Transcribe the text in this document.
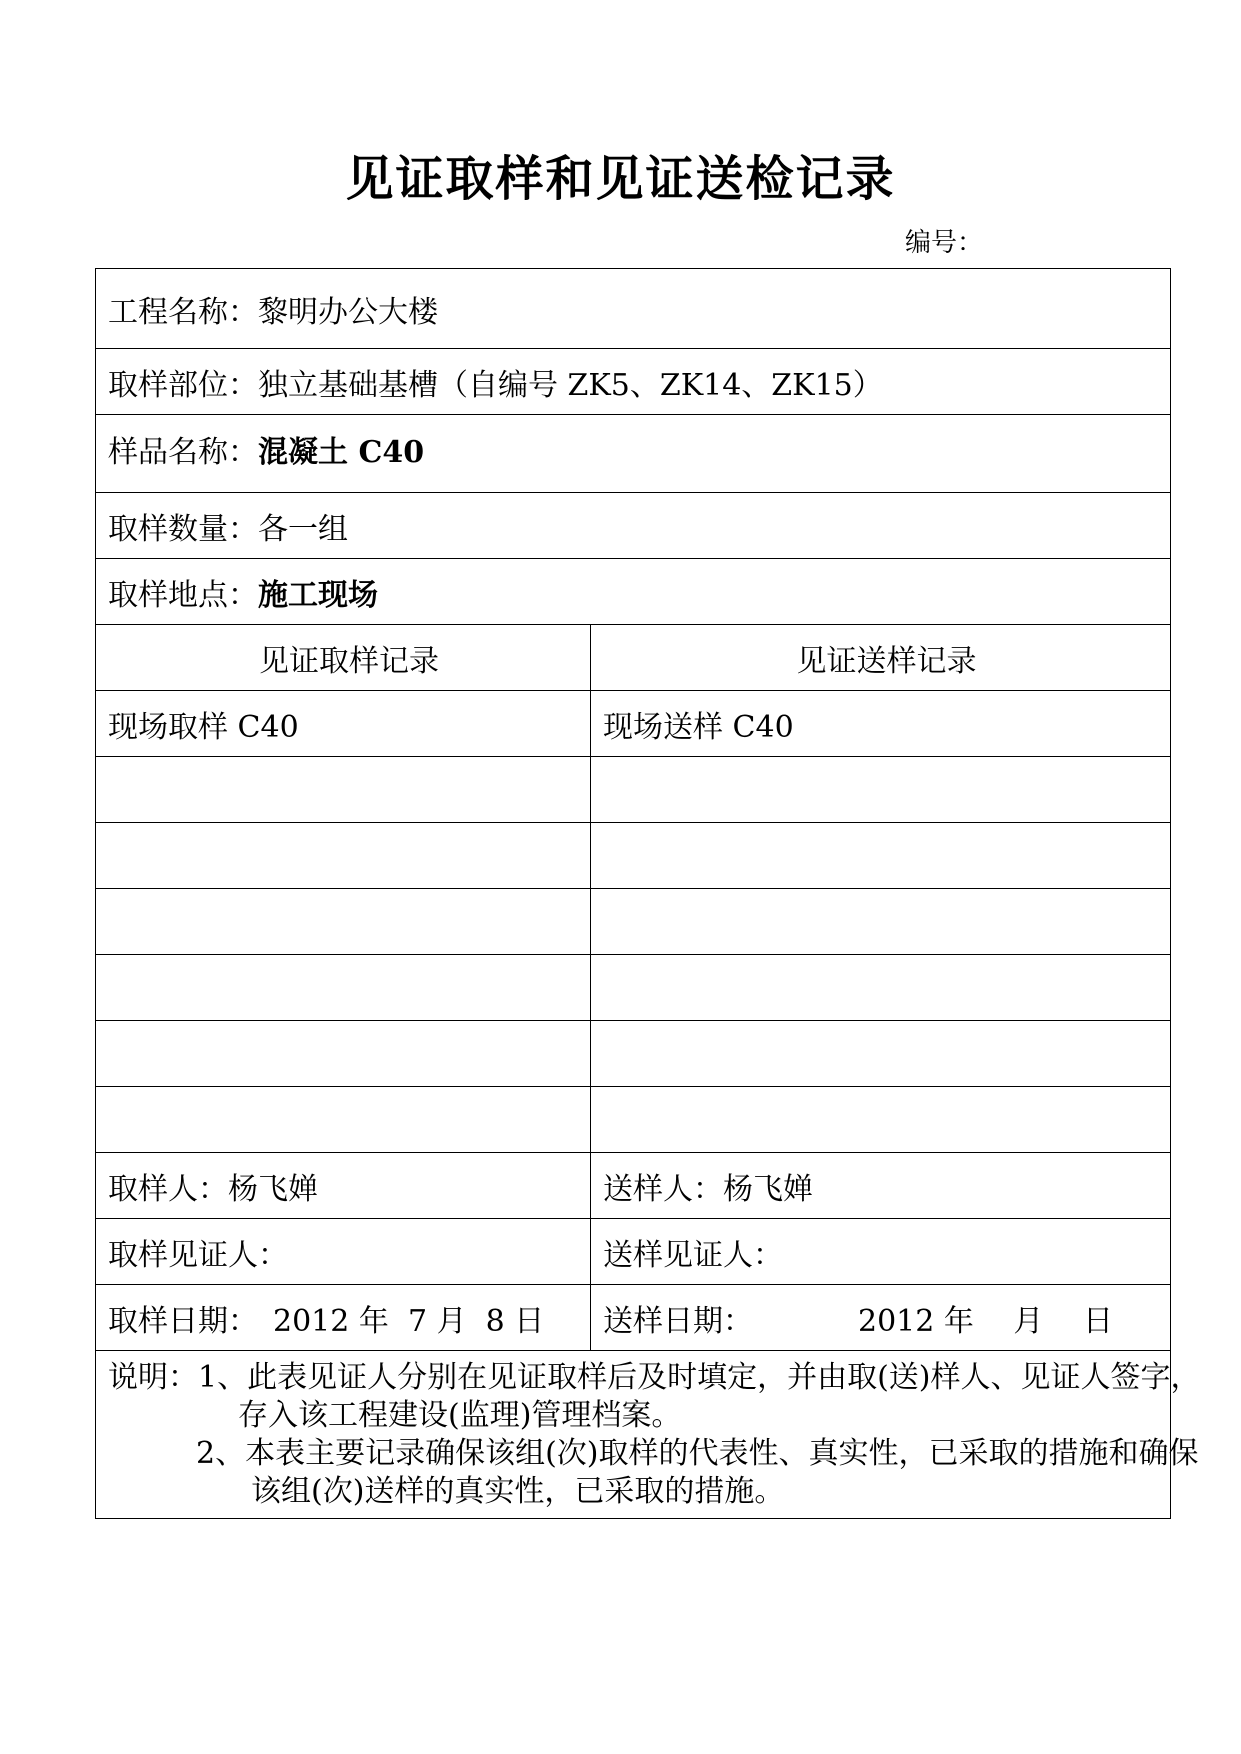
见证取样和见证送检记录
编号：
工程名称：黎明办公大楼	
取样部位：独立基础基槽（自编号 ZK5、ZK14、ZK15）	
样品名称：混凝土 C40	
取样数量：各一组	
取样地点：施工现场	
见证取样记录	见证送样记录
现场取样 C40	现场送样 C40

取样人：杨飞婵	送样人：杨飞婵
取样见证人：	送样见证人：
取样日期：　2012 年  7 月  8 日	送样日期：　　　　2012 年　 月　 日

说明：1、此表见证人分别在见证取样后及时填定，并由取(送)样人、见证人签字，
存入该工程建设(监理)管理档案。
2、本表主要记录确保该组(次)取样的代表性、真实性，已采取的措施和确保
该组(次)送样的真实性，已采取的措施。	
